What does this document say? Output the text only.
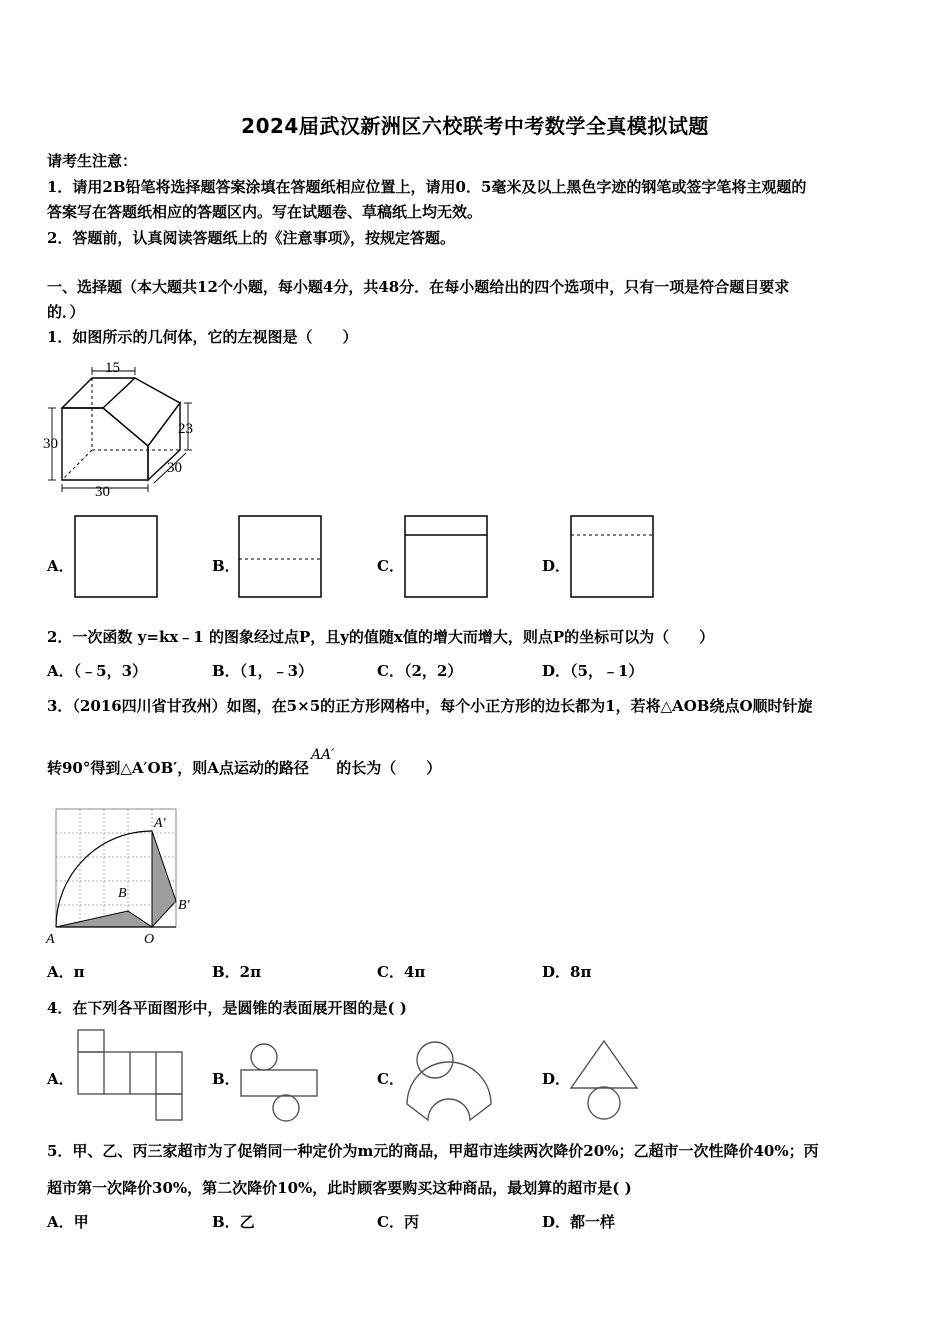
2024届武汉新洲区六校联考中考数学全真模拟试题
请考生注意：
1．请用2B铅笔将选择题答案涂填在答题纸相应位置上，请用0．5毫米及以上黑色字迹的钢笔或签字笔将主观题的
答案写在答题纸相应的答题区内。写在试题卷、草稿纸上均无效。
2．答题前，认真阅读答题纸上的《注意事项》，按规定答题。
一、选择题（本大题共12个小题，每小题4分，共48分．在每小题给出的四个选项中，只有一项是符合题目要求
的．）
1．如图所示的几何体，它的左视图是（　　）
15
30
23
30
30
A．	B．	C．	D．
2．一次函数 y=kx﹣1 的图象经过点P，且y的值随x值的增大而增大，则点P的坐标可以为（　　）
A．（﹣5，3）	B．（1，﹣3）	C．（2，2）	D．（5，﹣1）
3．（2016四川省甘孜州）如图，在5×5的正方形网格中，每个小正方形的边长都为1，若将△AOB绕点O顺时针旋
转90°得到△A′OB′，则A点运动的路径AA′的长为（　　）
A′
B′
B
A	O
A．π	B．2π	C．4π	D．8π
4．在下列各平面图形中，是圆锥的表面展开图的是( )
A．	B．	C．	D．
5．甲、乙、丙三家超市为了促销同一种定价为m元的商品，甲超市连续两次降价20%；乙超市一次性降价40%；丙
超市第一次降价30%，第二次降价10%，此时顾客要购买这种商品，最划算的超市是( )
A．甲	B．乙	C．丙	D．都一样
